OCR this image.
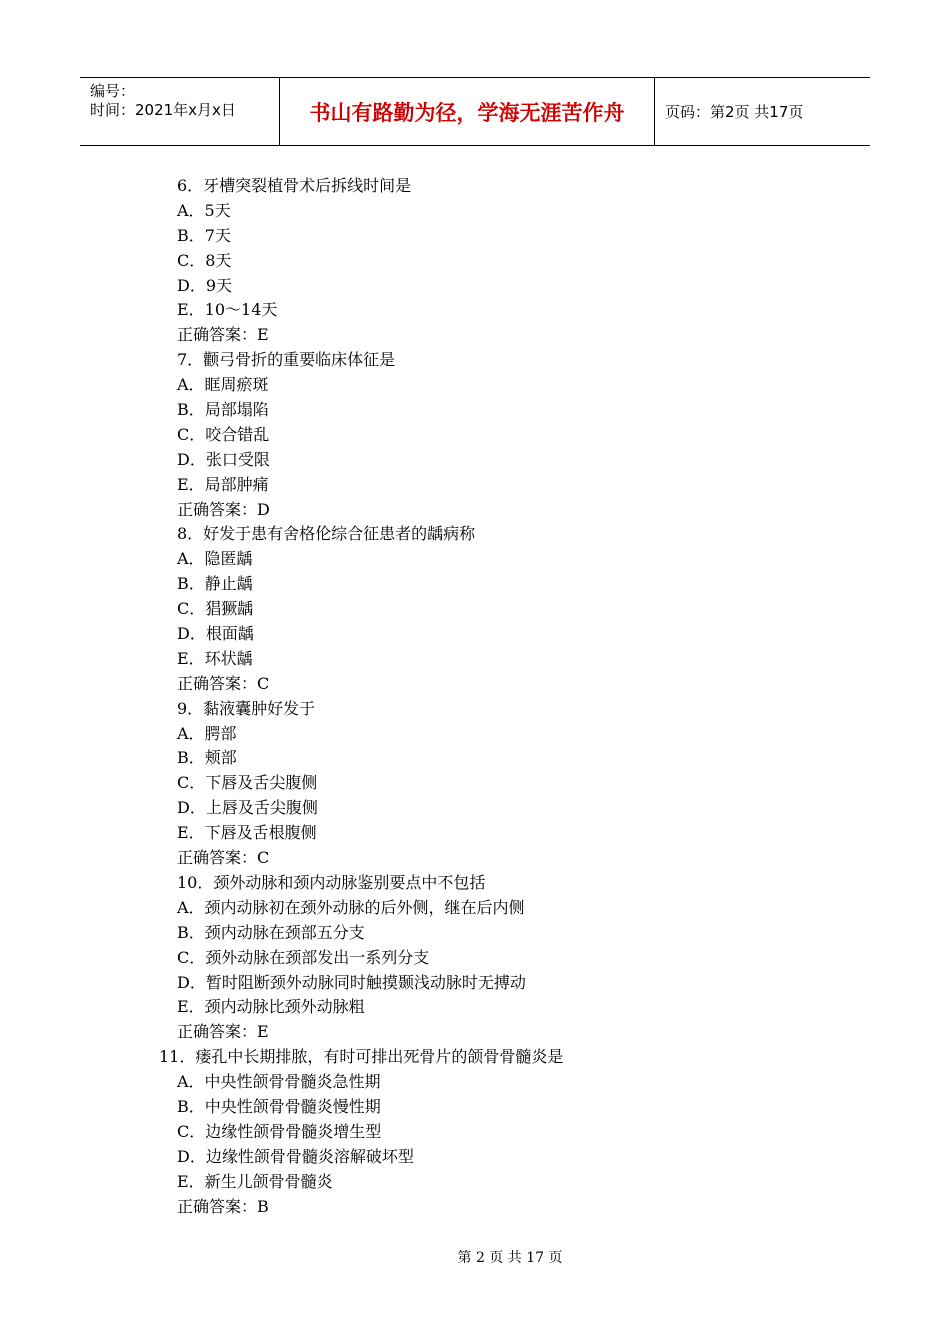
编号：
时间：2021年x月x日	书山有路勤为径，学海无涯苦作舟	页码：第2页 共17页
6．牙槽突裂植骨术后拆线时间是
A．5天
B．7天
C．8天
D．9天
E．10～14天
正确答案：E
7．颧弓骨折的重要临床体征是
A．眶周瘀斑
B．局部塌陷
C．咬合错乱
D．张口受限
E．局部肿痛
正确答案：D
8．好发于患有舍格伦综合征患者的龋病称
A．隐匿龋
B．静止龋
C．猖獗龋
D．根面龋
E．环状龋
正确答案：C
9．黏液囊肿好发于
A．腭部
B．颊部
C．下唇及舌尖腹侧
D．上唇及舌尖腹侧
E．下唇及舌根腹侧
正确答案：C
10．颈外动脉和颈内动脉鉴别要点中不包括
A．颈内动脉初在颈外动脉的后外侧，继在后内侧
B．颈内动脉在颈部五分支
C．颈外动脉在颈部发出一系列分支
D．暂时阻断颈外动脉同时触摸颞浅动脉时无搏动
E．颈内动脉比颈外动脉粗
正确答案：E
11．瘘孔中长期排脓，有时可排出死骨片的颌骨骨髓炎是
A．中央性颌骨骨髓炎急性期
B．中央性颌骨骨髓炎慢性期
C．边缘性颌骨骨髓炎增生型
D．边缘性颌骨骨髓炎溶解破坏型
E．新生儿颌骨骨髓炎
正确答案：B
第 2 页 共 17 页
